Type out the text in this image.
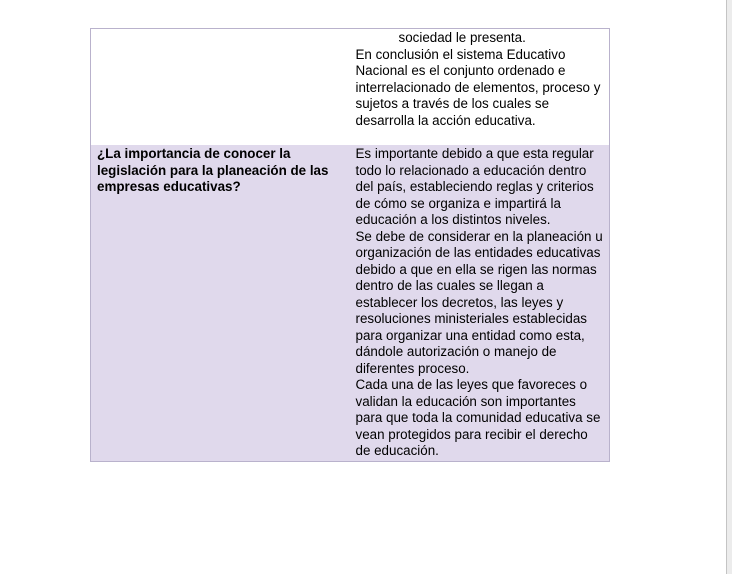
	sociedad le presenta.
En conclusión el sistema Educativo Nacional es el conjunto ordenado e interrelacionado de elementos, proceso y sujetos a través de los cuales se desarrolla la acción educativa.

¿La importancia de conocer la legislación para la planeación de las empresas educativas?	Es importante debido a que esta regular todo lo relacionado a educación dentro del país, estableciendo reglas y criterios de cómo se organiza e impartirá la educación a los distintos niveles.
Se debe de considerar en la planeación u organización de las entidades educativas debido a que en ella se rigen las normas dentro de las cuales se llegan a establecer los decretos, las leyes y resoluciones ministeriales establecidas para organizar una entidad como esta, dándole autorización o manejo de diferentes proceso.
Cada una de las leyes que favoreces o validan la educación son importantes para que toda la comunidad educativa se vean protegidos para recibir el derecho de educación.
